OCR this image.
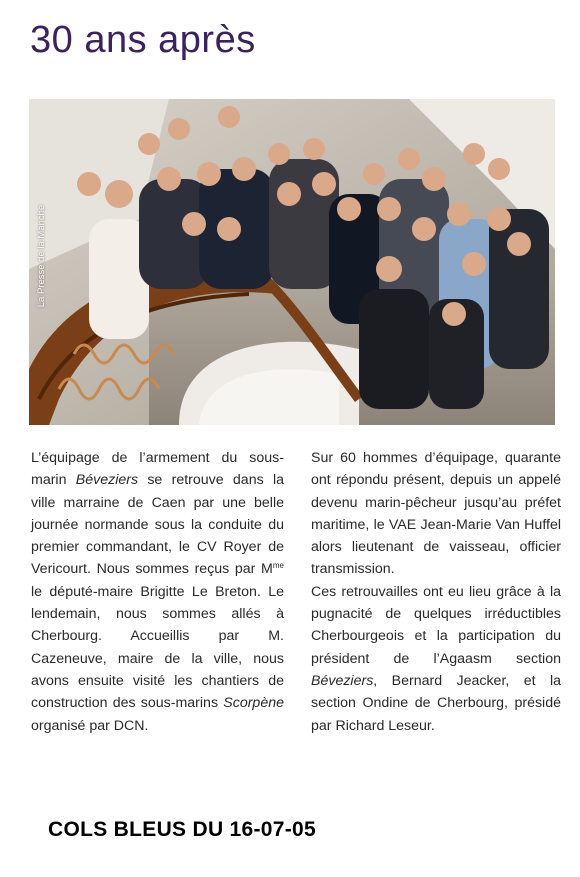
30 ans après
La Presse de la Manche

L’équipage de l’armement du sous-marin Béveziers se retrouve dans la ville marraine de Caen par une belle journée normande sous la conduite du premier commandant, le CV Royer de Vericourt. Nous sommes reçus par $M^{me}$ le député-maire Brigitte Le Breton. Le lendemain, nous sommes allés à Cherbourg. Accueillis par M. Cazeneuve, maire de la ville, nous avons ensuite visité les chantiers de construction des sous-marins Scorpène organisé par DCN.

Sur 60 hommes d’équipage, quarante ont répondu présent, depuis un appelé devenu marin-pêcheur jusqu’au préfet maritime, le VAE Jean-Marie Van Huffel alors lieutenant de vaisseau, officier transmission.

Ces retrouvailles ont eu lieu grâce à la pugnacité de quelques irréductibles Cherbourgeois et la participation du président de l’Agaasm section Béveziers, Bernard Jeacker, et la section Ondine de Cherbourg, présidé par Richard Leseur.

COLS BLEUS DU 16-07-05
